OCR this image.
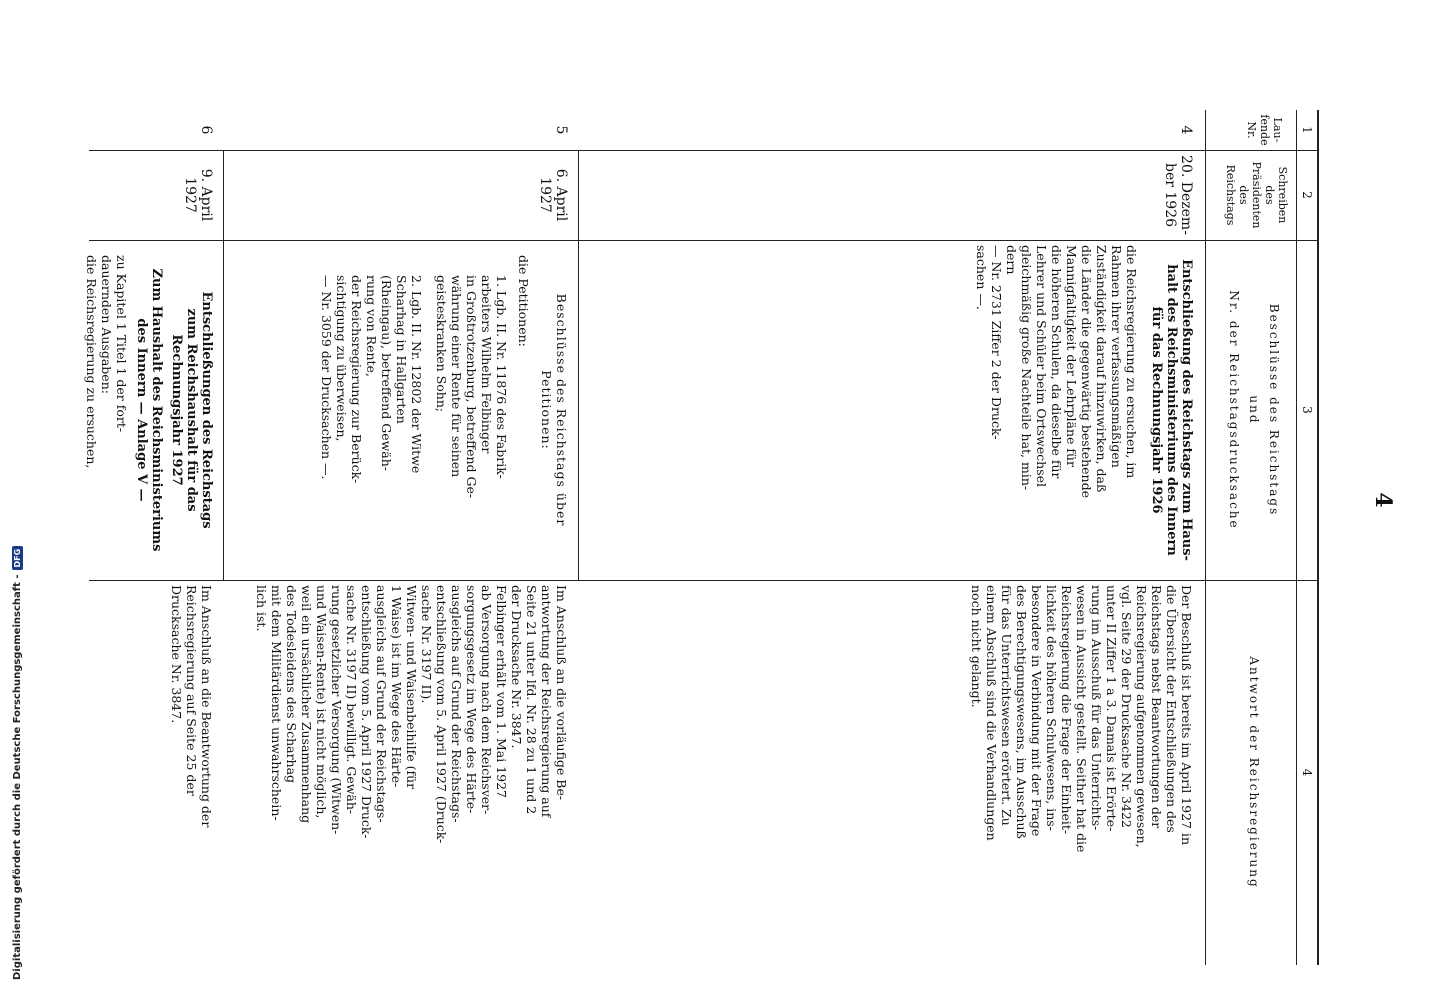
4
1
2
3
4
Lau-
fende
Nr.
Schreiben
des
Präsidenten
des
Reichstags
Beschlüsse des Reichstags
und
Nr. der Reichstagsdrucksache
Antwort der Reichsregierung
4
20. Dezem-
ber 1926
Entschließung des Reichstags zum Haus-
halt des Reichsministeriums des Innern
für das Rechnungsjahr 1926
die Reichsregierung zu ersuchen, im
Rahmen ihrer verfassungsmäßigen
Zuständigkeit darauf hinzuwirken, daß
die Länder die gegenwärtig bestehende
Mannigfaltigkeit der Lehrpläne für
die höheren Schulen, da dieselbe für
Lehrer und Schüler beim Ortswechsel
gleichmäßig große Nachteile hat, min-
dern
— Nr. 2731 Ziffer 2 der Druck-
sachen —.
Der Beschluß ist bereits im April 1927 in
die Übersicht der Entschließungen des
Reichstags nebst Beantwortungen der
Reichsregierung aufgenommen gewesen,
vgl. Seite 29 der Drucksache Nr. 3422
unter II Ziffer 1 a 3. Damals ist Erörte-
rung im Ausschuß für das Unterrichts-
wesen in Aussicht gestellt. Seither hat die
Reichsregierung die Frage der Einheit-
lichkeit des höheren Schulwesens, ins-
besondere in Verbindung mit der Frage
des Berechtigungswesens, im Ausschuß
für das Unterrichtswesen erörtert. Zu
einem Abschluß sind die Verhandlungen
noch nicht gelangt.
5
6. April
1927
Beschlüsse des Reichstags über
Petitionen:
die Petitionen:
1. Lgb. II. Nr. 11876 des Fabrik-
arbeiters Wilhelm Felbinger
in Großtrotzenburg, betreffend Ge-
währung einer Rente für seinen
geisteskranken Sohn;
2. Lgb. II. Nr. 12802 der Witwe
Scharhag in Hallgarten
(Rheingau), betreffend Gewäh-
rung von Rente,
der Reichsregierung zur Berück-
sichtigung zu überweisen,
— Nr. 3059 der Drucksachen —.
Im Anschluß an die vorläufige Be-
antwortung der Reichsregierung auf
Seite 21 unter lfd. Nr. 28 zu 1 und 2
der Drucksache Nr. 3847.
Felbinger erhält vom 1. Mai 1927
ab Versorgung nach dem Reichsver-
sorgungsgesetz im Wege des Härte-
ausgleichs auf Grund der Reichstags-
entschließung vom 5. April 1927 (Druck-
sache Nr. 3197 II).
Witwen- und Waisenbeihilfe (für
1 Waise) ist im Wege des Härte-
ausgleichs auf Grund der Reichstags-
entschließung vom 5. April 1927 Druck-
sache Nr. 3197 II) bewilligt. Gewäh-
rung gesetzlicher Versorgung (Witwen-
und Waisen-Rente) ist nicht möglich,
weil ein ursächlicher Zusammenhang
des Todesleidens des Scharhag
mit dem Militärdienst unwahrschein-
lich ist.
6
9. April
1927
Entschließungen des Reichstags
zum Reichshaushalt für das
Rechnungsjahr 1927
Zum Haushalt des Reichsministeriums
des Innern — Anlage V —
zu Kapitel 1 Titel 1 der fort-
dauernden Ausgaben:
die Reichsregierung zu ersuchen,
Im Anschluß an die Beantwortung der
Reichsregierung auf Seite 25 der
Drucksache Nr. 3847.
Digitalisierung gefördert durch die Deutsche Forschungsgemeinschaft -
DFG
